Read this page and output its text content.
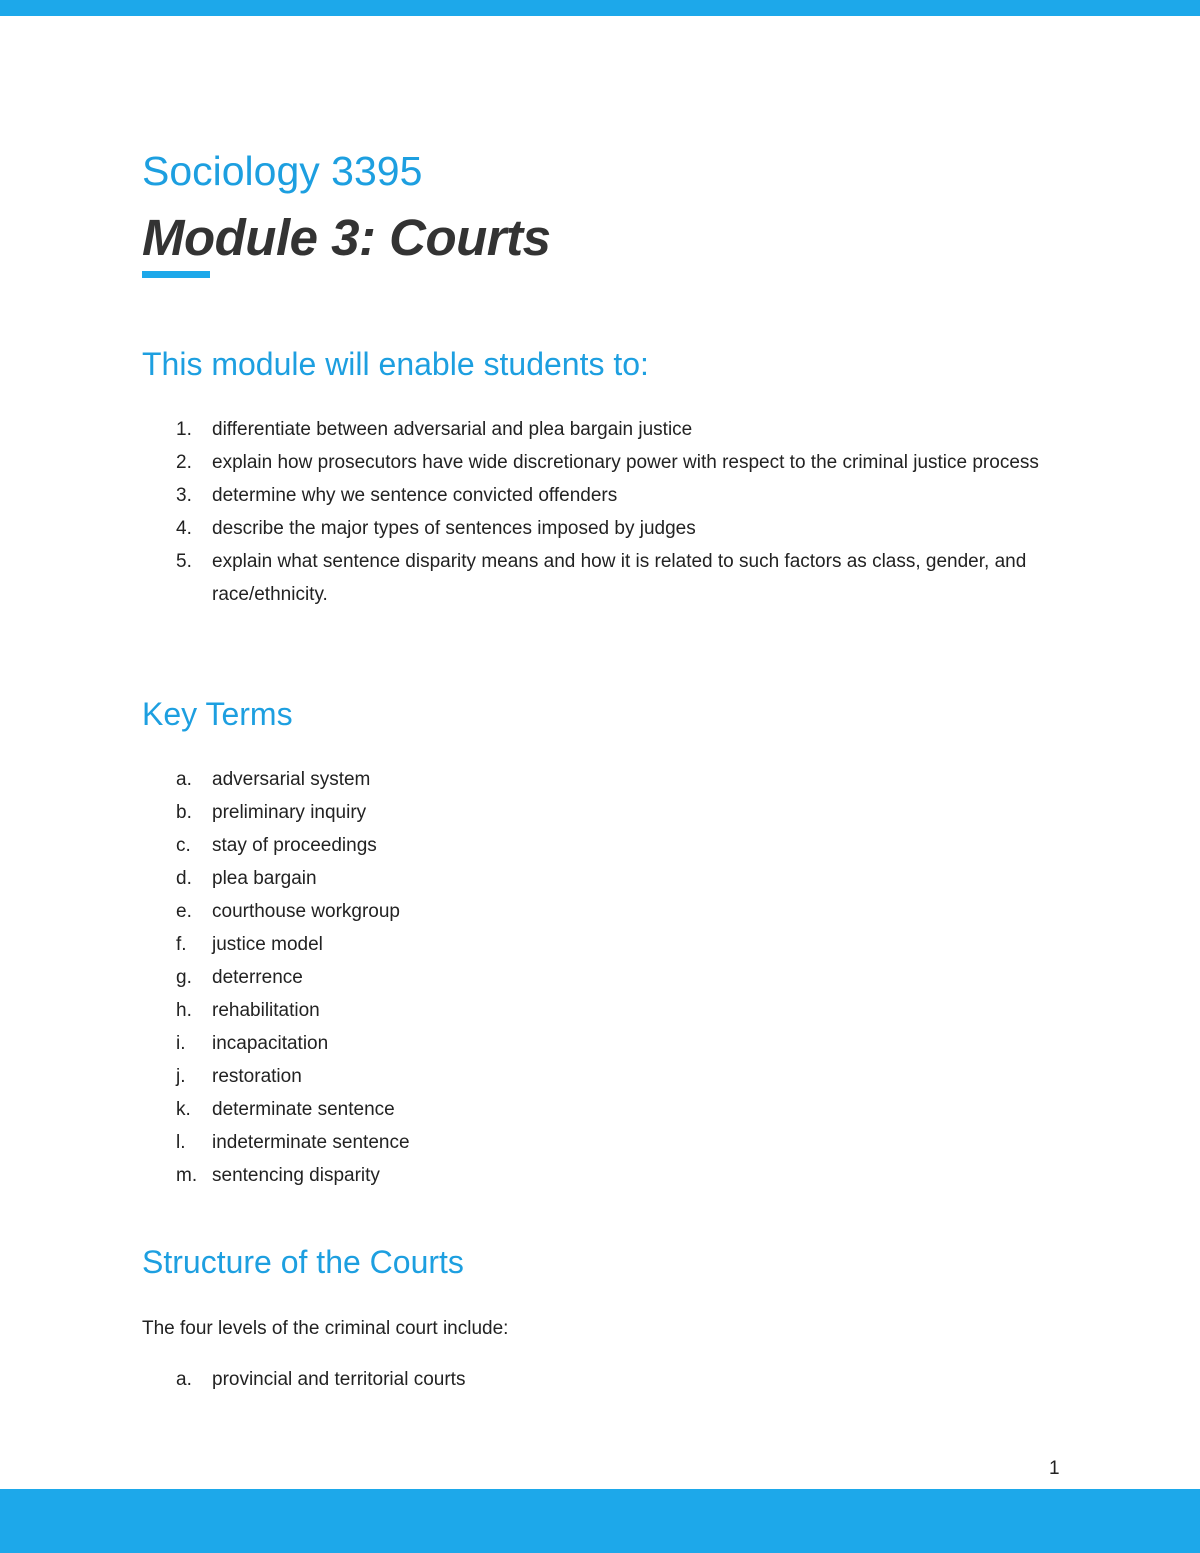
Sociology 3395
Module 3: Courts
This module will enable students to:
1. differentiate between adversarial and plea bargain justice
2. explain how prosecutors have wide discretionary power with respect to the criminal justice process
3. determine why we sentence convicted offenders
4. describe the major types of sentences imposed by judges
5. explain what sentence disparity means and how it is related to such factors as class, gender, and race/ethnicity.
Key Terms
a. adversarial system
b. preliminary inquiry
c. stay of proceedings
d. plea bargain
e. courthouse workgroup
f. justice model
g. deterrence
h. rehabilitation
i. incapacitation
j. restoration
k. determinate sentence
l. indeterminate sentence
m. sentencing disparity
Structure of the Courts

The four levels of the criminal court include:

a. provincial and territorial courts
1
